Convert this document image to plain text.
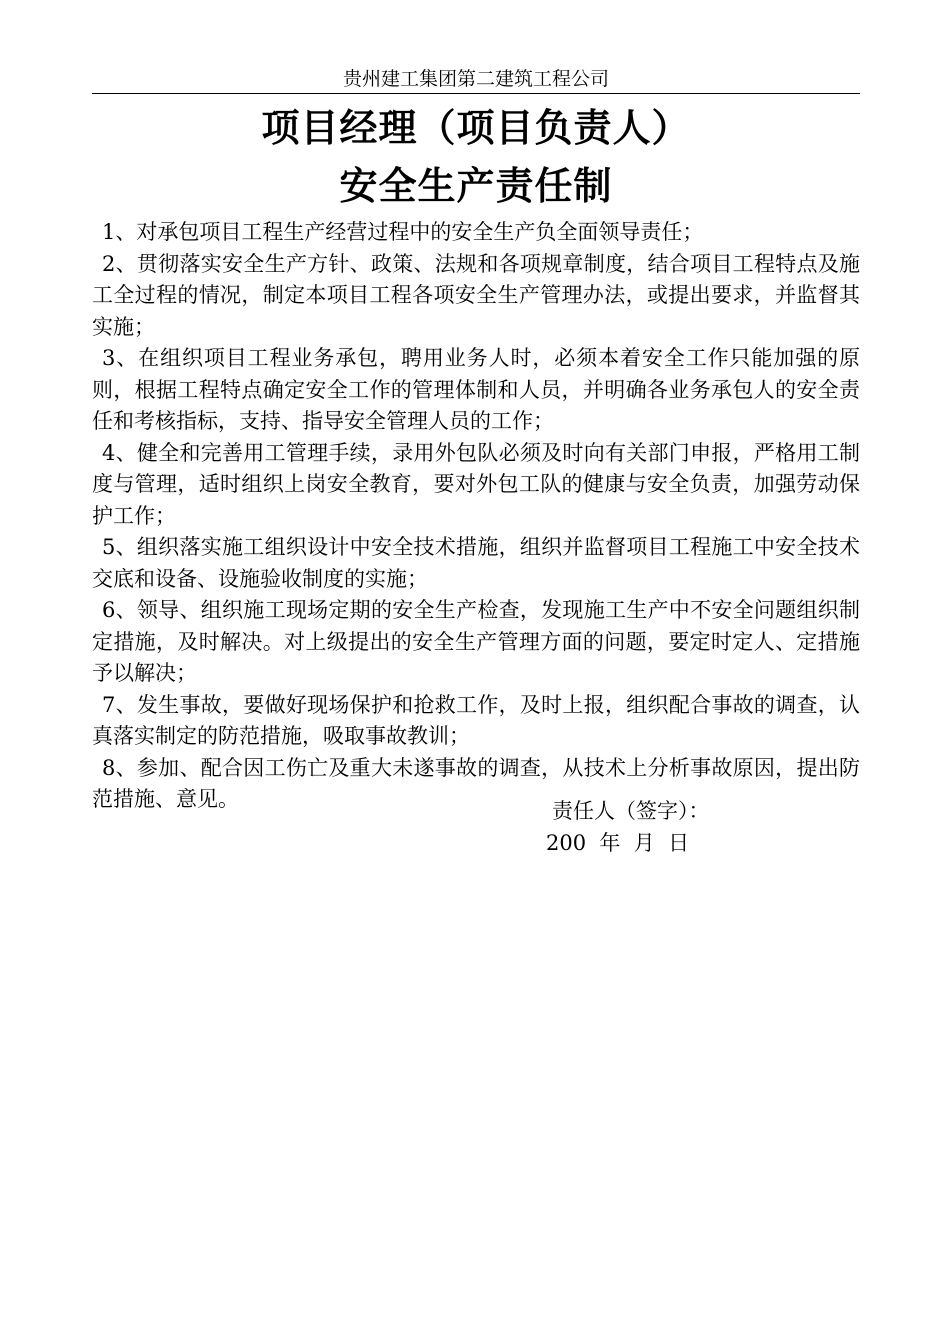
贵州建工集团第二建筑工程公司
项目经理（项目负责人）
安全生产责任制

1、对承包项目工程生产经营过程中的安全生产负全面领导责任；

2、贯彻落实安全生产方针、政策、法规和各项规章制度，结合项目工程特点及施工全过程的情况，制定本项目工程各项安全生产管理办法，或提出要求，并监督其实施；

3、在组织项目工程业务承包，聘用业务人时，必须本着安全工作只能加强的原则，根据工程特点确定安全工作的管理体制和人员，并明确各业务承包人的安全责任和考核指标，支持、指导安全管理人员的工作；

4、健全和完善用工管理手续，录用外包队必须及时向有关部门申报，严格用工制度与管理，适时组织上岗安全教育，要对外包工队的健康与安全负责，加强劳动保护工作；

5、组织落实施工组织设计中安全技术措施，组织并监督项目工程施工中安全技术交底和设备、设施验收制度的实施；

6、领导、组织施工现场定期的安全生产检查，发现施工生产中不安全问题组织制定措施，及时解决。对上级提出的安全生产管理方面的问题，要定时定人、定措施予以解决；

7、发生事故，要做好现场保护和抢救工作，及时上报，组织配合事故的调查，认真落实制定的防范措施，吸取事故教训；

8、参加、配合因工伤亡及重大未遂事故的调查，从技术上分析事故原因，提出防范措施、意见。	责任人（签字）：
200  年  月  日
